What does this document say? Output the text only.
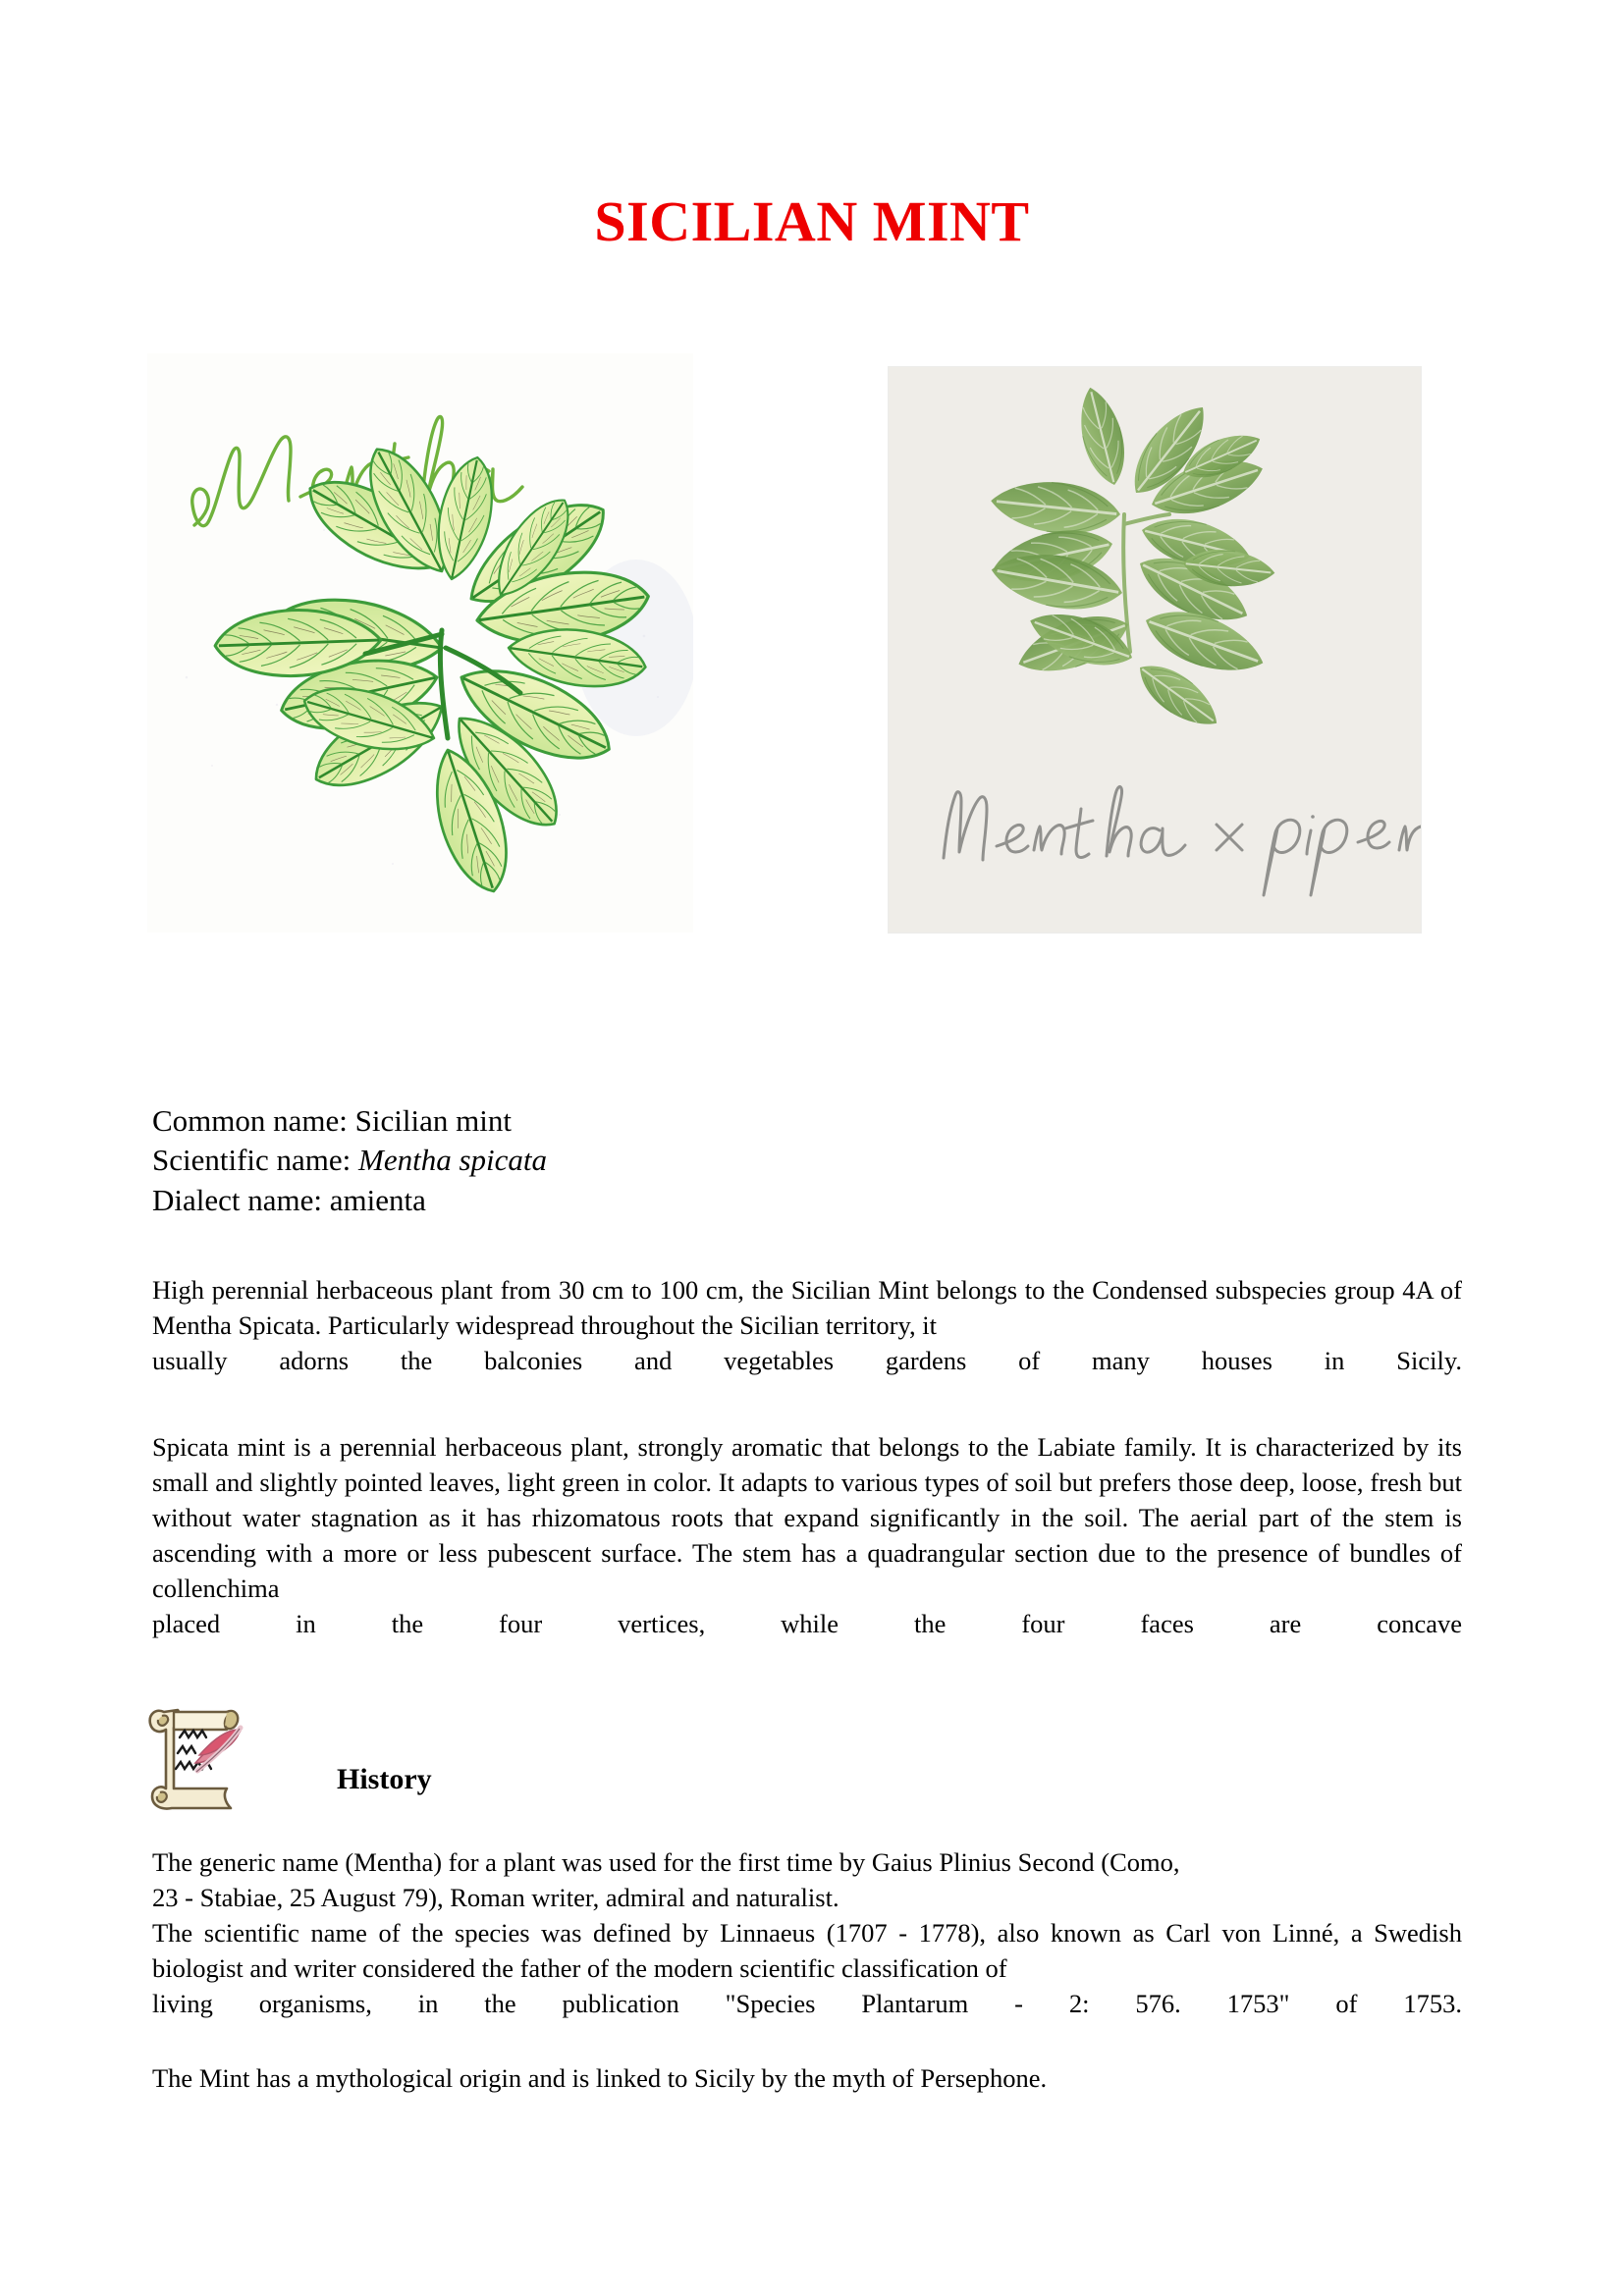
SICILIAN MINT
Common name: Sicilian mint
Scientific name: Mentha spicata
Dialect name: amienta
High perennial herbaceous plant from 30 cm to 100 cm, the Sicilian Mint belongs to the Condensed subspecies group 4A of Mentha Spicata. Particularly widespread throughout the Sicilian territory, it
usually adorns the balconies and vegetables gardens of many houses in Sicily.
Spicata mint is a perennial herbaceous plant, strongly aromatic that belongs to the Labiate family. It is characterized by its small and slightly pointed leaves, light green in color. It adapts to various types of soil but prefers those deep, loose, fresh but without water stagnation as it has rhizomatous roots that expand significantly in the soil. The aerial part of the stem is ascending with a more or less pubescent surface. The stem has a quadrangular section due to the presence of bundles of collenchima
placed in the four vertices, while the four faces are concave
History
The generic name (Mentha) for a plant was used for the first time by Gaius Plinius Second (Como,
23 - Stabiae, 25 August 79), Roman writer, admiral and naturalist.
The scientific name of the species was defined by Linnaeus (1707 - 1778), also known as Carl von Linné, a Swedish biologist and writer considered the father of the modern scientific classification of
living organisms, in the publication "Species Plantarum - 2: 576. 1753" of 1753.
The Mint has a mythological origin and is linked to Sicily by the myth of Persephone.
